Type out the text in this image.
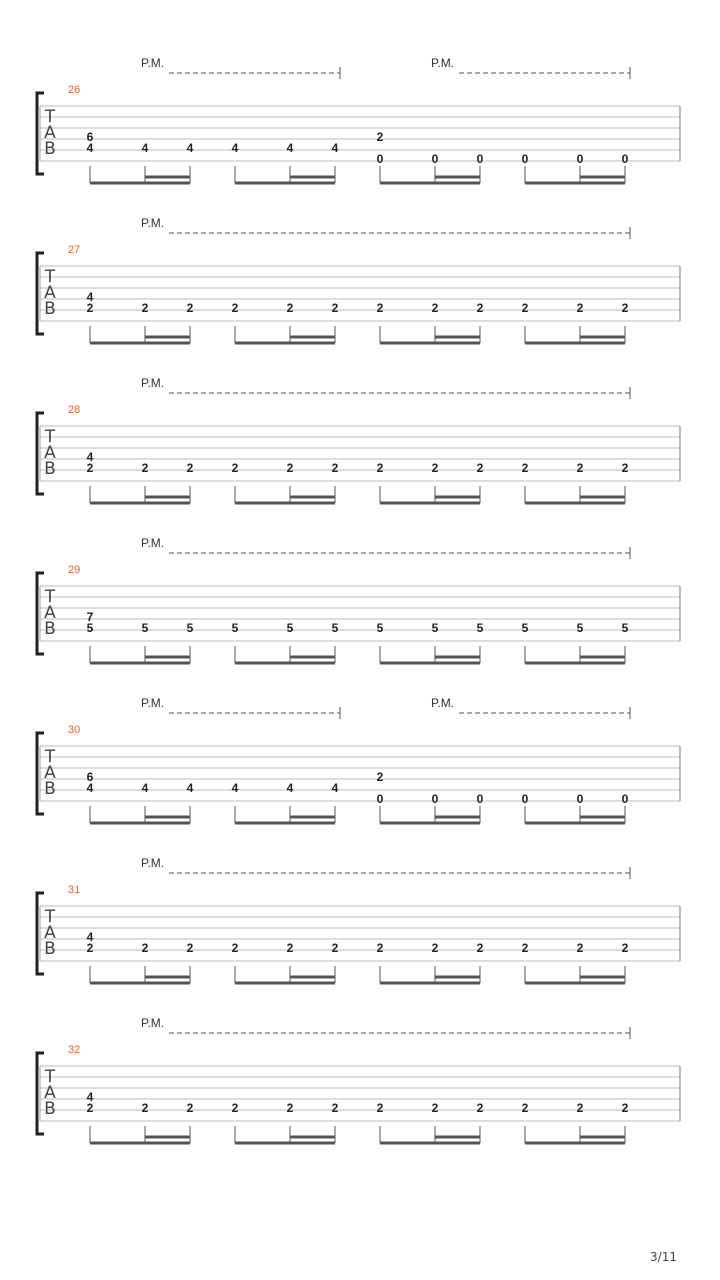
P.M.	P.M.
26
T
A
B
6
4	4	4	4	4	4
2
0	0	0	0	0	0
P.M.
27
T
A
B
4
2	2	2	2	2	2	2	2	2	2	2	2
P.M.
28
T
A
B
4
2	2	2	2	2	2	2	2	2	2	2	2
P.M.
29
T
A
B
7
5	5	5	5	5	5	5	5	5	5	5	5
P.M.	P.M.
30
T
A
B
6
4	4	4	4	4	4
2
0	0	0	0	0	0
P.M.
31
T
A
B
4
2	2	2	2	2	2	2	2	2	2	2	2
P.M.
32
T
A
B
4
2	2	2	2	2	2	2	2	2	2	2	2
3/11
